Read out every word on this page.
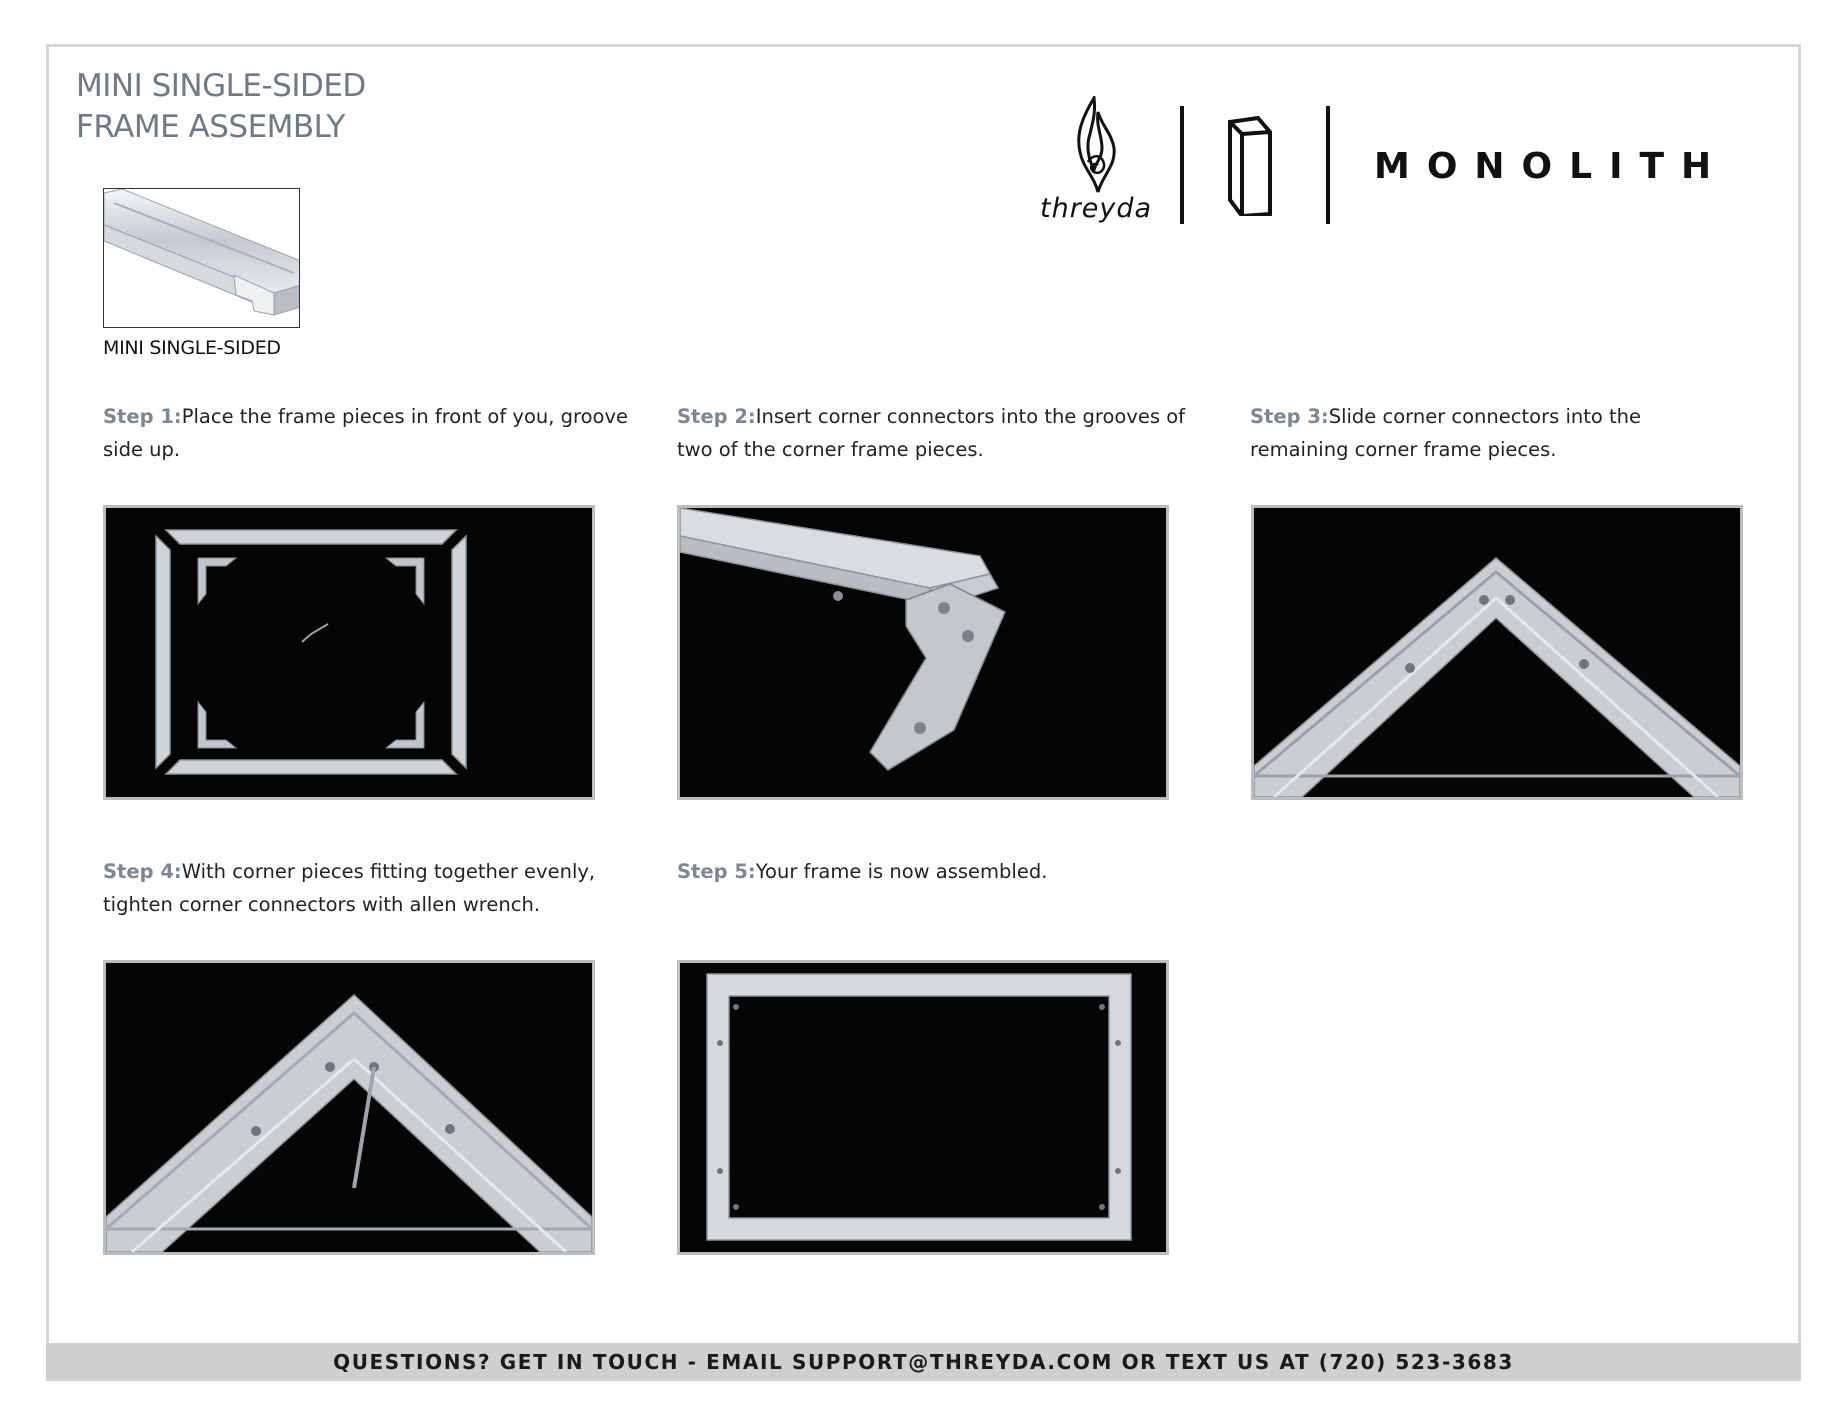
MINI SINGLE-SIDED
FRAME ASSEMBLY
threyda
MONOLITH
MINI SINGLE-SIDED

Step 1:Place the frame pieces in front of you, groove side up.

Step 2:Insert corner connectors into the grooves of two of the corner frame pieces.

Step 3:Slide corner connectors into the remaining corner frame pieces.

Step 4:With corner pieces fitting together evenly, tighten corner connectors with allen wrench.

Step 5:Your frame is now assembled.

QUESTIONS? GET IN TOUCH - EMAIL SUPPORT@THREYDA.COM OR TEXT US AT (720) 523-3683
